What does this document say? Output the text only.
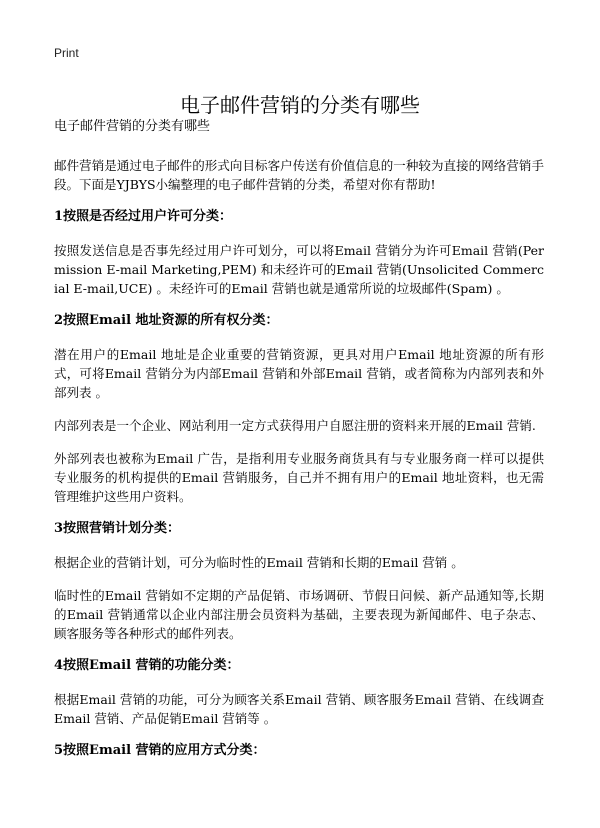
Print
电子邮件营销的分类有哪些
电子邮件营销的分类有哪些

邮件营销是通过电子邮件的形式向目标客户传送有价值信息的一种较为直接的网络营销手段。下面是YJBYS小编整理的电子邮件营销的分类，希望对你有帮助!

1按照是否经过用户许可分类：

按照发送信息是否事先经过用户许可划分，可以将Email 营销分为许可Email 营销(Permission E-mail Marketing,PEM) 和未经许可的Email 营销(Unsolicited Commercial E-mail,UCE) 。未经许可的Email 营销也就是通常所说的垃圾邮件(Spam) 。

2按照Email 地址资源的所有权分类：

潜在用户的Email 地址是企业重要的营销资源，更具对用户Email 地址资源的所有形式，可将Email 营销分为内部Email 营销和外部Email 营销，或者简称为内部列表和外部列表 。

内部列表是一个企业、网站利用一定方式获得用户自愿注册的资料来开展的Email 营销.

外部列表也被称为Email 广告，是指利用专业服务商货具有与专业服务商一样可以提供专业服务的机构提供的Email 营销服务，自己并不拥有用户的Email 地址资料，也无需管理维护这些用户资料。

3按照营销计划分类：

根据企业的营销计划，可分为临时性的Email 营销和长期的Email 营销 。

临时性的Email 营销如不定期的产品促销、市场调研、节假日问候、新产品通知等,长期的Email 营销通常以企业内部注册会员资料为基础，主要表现为新闻邮件、电子杂志、顾客服务等各种形式的邮件列表。

4按照Email 营销的功能分类：

根据Email 营销的功能，可分为顾客关系Email 营销、顾客服务Email 营销、在线调查Email 营销、产品促销Email 营销等 。

5按照Email 营销的应用方式分类：
